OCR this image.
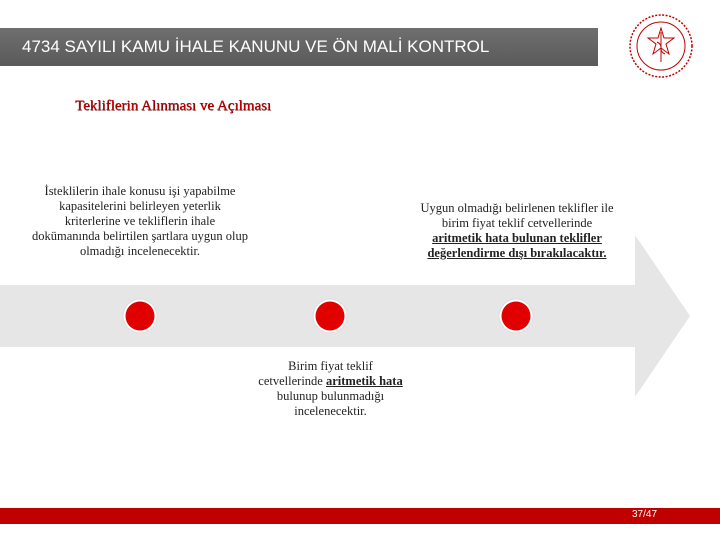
4734 SAYILI KAMU İHALE KANUNU VE ÖN MALİ KONTROL
Tekliflerin Alınması ve Açılması
İsteklilerin ihale konusu işi yapabilme kapasitelerini belirleyen yeterlik kriterlerine ve tekliflerin ihale dokümanında belirtilen şartlara uygun olup olmadığı incelenecektir.
Uygun olmadığı belirlenen teklifler ile birim fiyat teklif cetvellerinde aritmetik hata bulunan teklifler değerlendirme dışı bırakılacaktır.
Birim fiyat teklif cetvellerinde aritmetik hata bulunup bulunmadığı incelenecektir.
37/47
